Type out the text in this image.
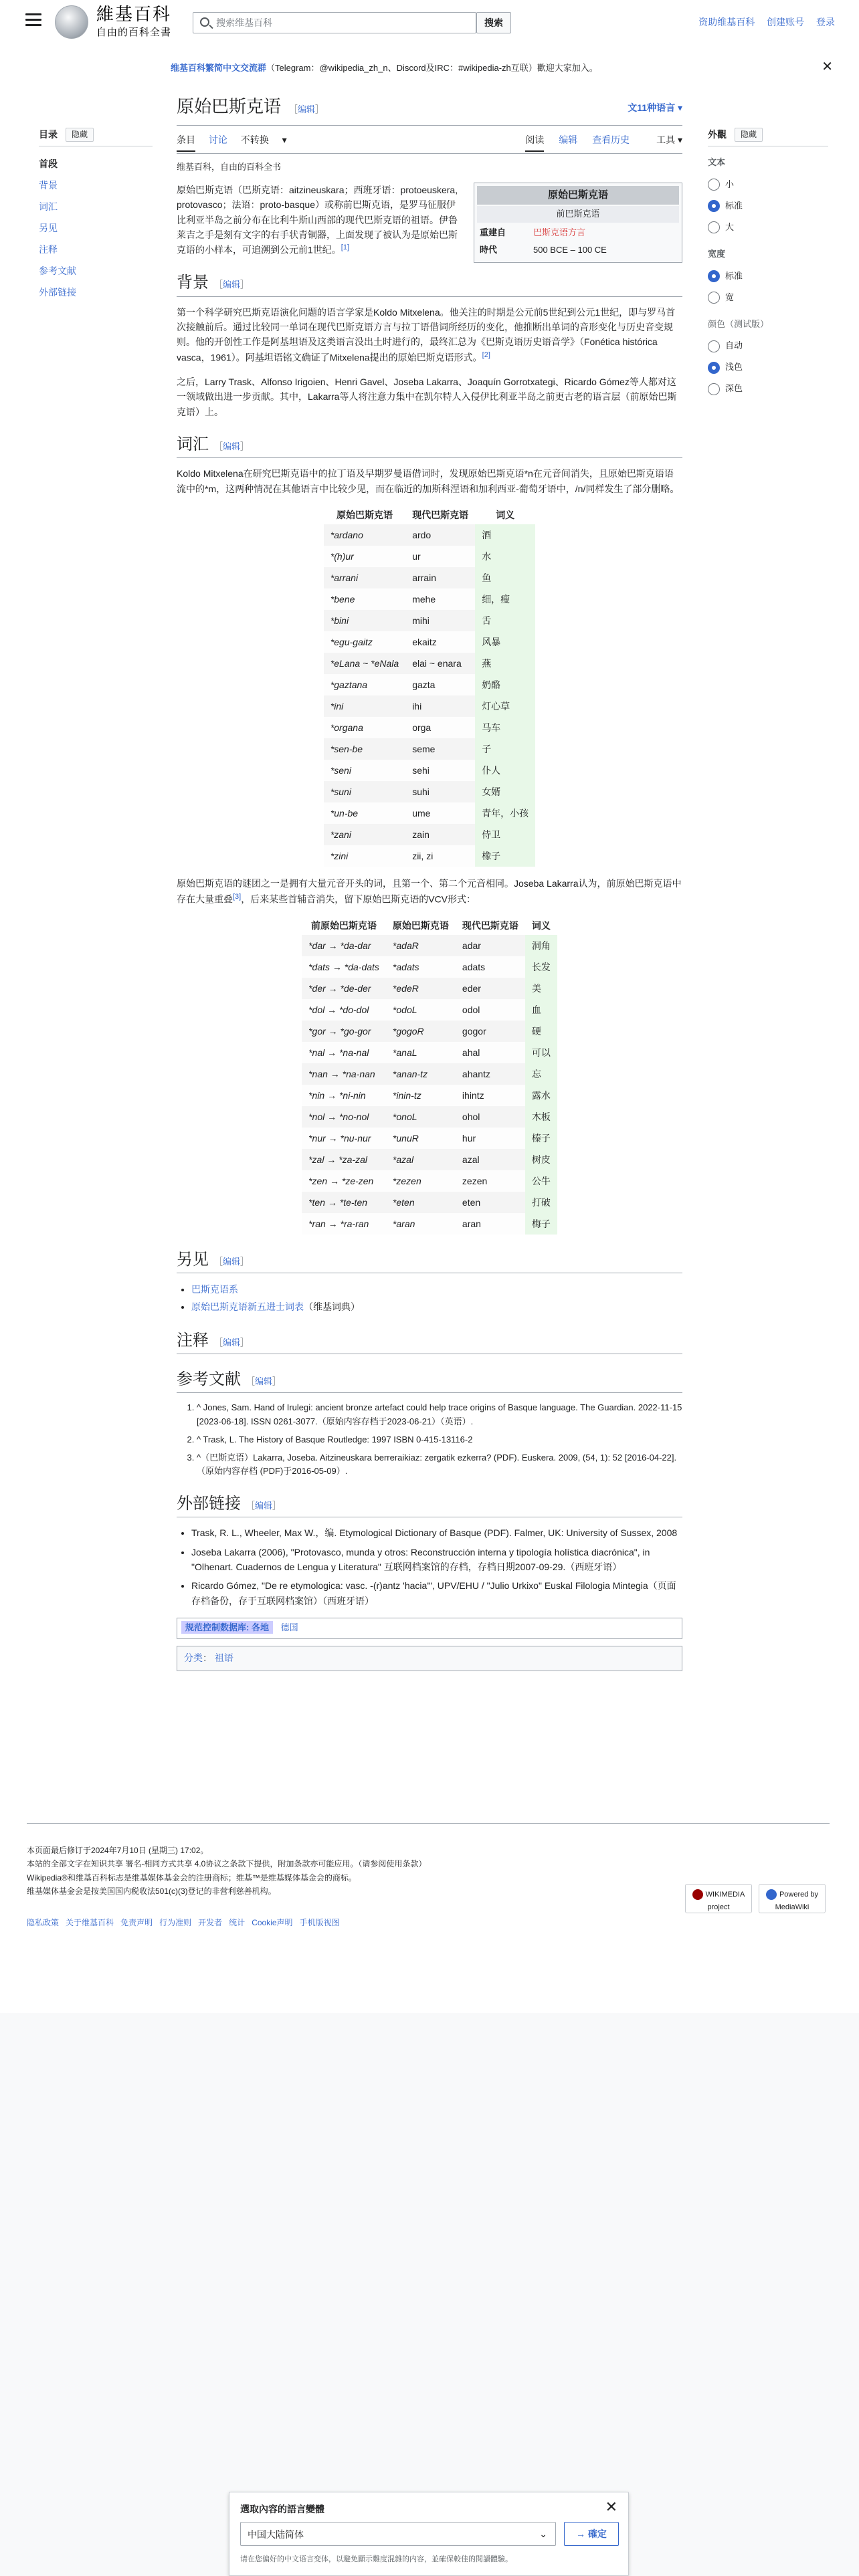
維基百科
自由的百科全書
搜索维基百科
搜索	资助维基百科 创建账号 登录
维基百科繁简中文交流群（Telegram：@wikipedia_zh_n、Discord及IRC：#wikipedia-zh互联）歡迎大家加入。	✕
目录	隐藏
首段
背景
词汇
另见
注释
参考文献
外部链接
原始巴斯克语 ［编辑］	文11种语言 ▾
条目 讨论 不转换 ▾	阅读 编辑 查看历史	工具 ▾
维基百科，自由的百科全书
原始巴斯克语
前巴斯克语
重建自	巴斯克语方言
時代	500 BCE – 100 CE

原始巴斯克语（巴斯克语：aitzineuskara；西班牙语：protoeuskera, protovasco；法语：proto-basque）或称前巴斯克语，是罗马征服伊比利亚半岛之前分布在比利牛斯山西部的现代巴斯克语的祖语。伊鲁莱吉之手是刻有文字的右手状青铜器，上面发现了被认为是原始巴斯克语的小样本，可追溯到公元前1世纪。[1]

背景 ［编辑］

第一个科学研究巴斯克语演化问题的语言学家是Koldo Mitxelena。他关注的时期是公元前5世纪到公元1世纪，即与罗马首次接触前后。通过比较同一单词在现代巴斯克语方言与拉丁语借词所经历的变化，他推断出单词的音形变化与历史音变规则。他的开创性工作是阿基坦语及这类语言没出土时进行的，最终汇总为《巴斯克语历史语音学》（Fonética histórica vasca，1961）。阿基坦语铭文确证了Mitxelena提出的原始巴斯克语形式。[2]

之后，Larry Trask、Alfonso Irigoien、Henri Gavel、Joseba Lakarra、Joaquín Gorrotxategi、Ricardo Gómez等人都对这一领域做出进一步贡献。其中，Lakarra等人将注意力集中在凯尔特人入侵伊比利亚半岛之前更古老的语言层（前原始巴斯克语）上。

词汇 ［编辑］

Koldo Mitxelena在研究巴斯克语中的拉丁语及早期罗曼语借词时，发现原始巴斯克语*n在元音间消失，且原始巴斯克语语流中的*m，这两种情况在其他语言中比较少见，而在临近的加斯科涅语和加利西亚-葡萄牙语中，/n/同样发生了部分删略。

原始巴斯克语	现代巴斯克语	词义
*ardano	ardo	酒
*(h)ur	ur	水
*arrani	arrain	鱼
*bene	mehe	细，瘦
*bini	mihi	舌
*egu-gaitz	ekaitz	风暴
*eLana ~ *eNala	elai ~ enara	燕
*gaztana	gazta	奶酪
*ini	ihi	灯心草
*organa	orga	马车
*sen-be	seme	子
*seni	sehi	仆人
*suni	suhi	女婿
*un-be	ume	青年，小孩
*zani	zain	侍卫
*zini	zii, zi	橡子

原始巴斯克语的谜团之一是拥有大量元音开头的词，且第一个、第二个元音相同。Joseba Lakarra认为，前原始巴斯克语中存在大量重叠[3]，后来某些首辅音消失，留下原始巴斯克语的VCV形式：

前原始巴斯克语	原始巴斯克语	现代巴斯克语	词义
*dar → *da-dar	*adaR	adar	洞角
*dats → *da-dats	*adats	adats	长发
*der → *de-der	*edeR	eder	美
*dol → *do-dol	*odoL	odol	血
*gor → *go-gor	*gogoR	gogor	硬
*nal → *na-nal	*anaL	ahal	可以
*nan → *na-nan	*anan-tz	ahantz	忘
*nin → *ni-nin	*inin-tz	ihintz	露水
*nol → *no-nol	*onoL	ohol	木板
*nur → *nu-nur	*unuR	hur	榛子
*zal → *za-zal	*azal	azal	树皮
*zen → *ze-zen	*zezen	zezen	公牛
*ten → *te-ten	*eten	eten	打破
*ran → *ra-ran	*aran	aran	梅子
另见 ［编辑］
• 巴斯克语系
• 原始巴斯克语新五进士词表（维基词典）
注释 ［编辑］
参考文献 ［编辑］
1. ^ Jones, Sam. Hand of Irulegi: ancient bronze artefact could help trace origins of Basque language. The Guardian. 2022-11-15 [2023-06-18]. ISSN 0261-3077.（原始内容存档于2023-06-21）（英语）.
2. ^ Trask, L. The History of Basque Routledge: 1997 ISBN 0-415-13116-2
3. ^（巴斯克语）Lakarra, Joseba. Aitzineuskara berreraikiaz: zergatik ezkerra? (PDF). Euskera. 2009, (54, 1): 52 [2016-04-22].（原始内容存档 (PDF)于2016-05-09）.
外部链接 ［编辑］
• Trask, R. L., Wheeler, Max W.，编. Etymological Dictionary of Basque (PDF). Falmer, UK: University of Sussex, 2008
• Joseba Lakarra (2006), "Protovasco, munda y otros: Reconstrucción interna y tipología holística diacrónica", in "Olhenart. Cuadernos de Lengua y Literatura" 互联网档案馆的存档，存档日期2007-09-29.（西班牙语）
• Ricardo Gómez, "De re etymologica: vasc. -(r)antz 'hacia'", UPV/EHU / "Julio Urkixo" Euskal Filologia Mintegia（页面存档备份，存于互联网档案馆）（西班牙语）
规范控制数据库: 各地 德国
分类： 祖语
外觀	隐藏
文本
小
标准
大
宽度
标准
宽
颜色（测试版）
自动
浅色
深色
本页面最后修订于2024年7月10日 (星期三) 17:02。
本站的全部文字在知识共享 署名-相同方式共享 4.0协议之条款下提供，附加条款亦可能应用。（请参阅使用条款）
Wikipedia®和维基百科标志是维基媒体基金会的注册商标；维基™是维基媒体基金会的商标。
维基媒体基金会是按美国国内税收法501(c)(3)登记的非营利慈善机构。
隐私政策 关于维基百科 免责声明 行为准则 开发者 统计 Cookie声明 手机版视图
WIKIMEDIA project
Powered by MediaWiki
選取內容的語言變體	✕
中国大陆简体	⌄	→ 確定
请在您偏好的中文语言变体，以避免顯示難度混雜的内容，並確保較佳的閱讀體驗。
